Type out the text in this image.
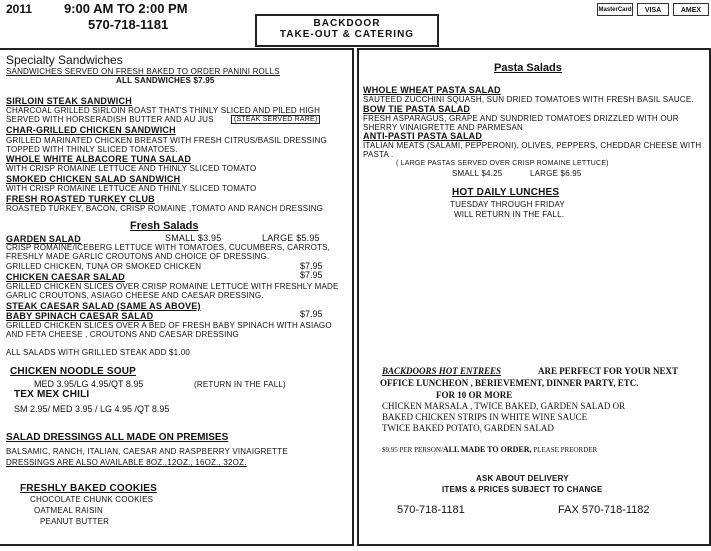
2011 9:00 AM TO 2:00 PM
570-718-1181	BACKDOOR
TAKE-OUT & CATERING
MasterCard	VISA	AMEX
Specialty Sandwiches
SANDWICHES SERVED ON FRESH BAKED TO ORDER PANINI ROLLS
ALL SANDWICHES $7.95
SIRLOIN STEAK SANDWICH
CHARCOAL GRILLED SIRLOIN ROAST THAT'S THINLY SLICED AND PILED HIGH
SERVED WITH HORSERADISH BUTTER AND AU JUS	(STEAK SERVED RARE)
CHAR-GRILLED CHICKEN SANDWICH
GRILLED MARINATED CHICKEN BREAST WITH FRESH CITRUS/BASIL DRESSING
TOPPED WITH THINLY SLICED TOMATOES.
WHOLE WHITE ALBACORE TUNA SALAD
WITH CRISP ROMAINE LETTUCE AND THINLY SLICED TOMATO
SMOKED CHICKEN SALAD SANDWICH
WITH CRISP ROMAINE LETTUCE AND THINLY SLICED TOMATO
FRESH ROASTED TURKEY CLUB
ROASTED TURKEY, BACON, CRISP ROMAINE ,TOMATO AND RANCH DRESSING
Fresh Salads
GARDEN SALAD	SMALL $3.95	LARGE $5.95
CRISP ROMAINE/ICEBERG LETTUCE WITH TOMATOES, CUCUMBERS, CARROTS,
FRESHLY MADE GARLIC CROUTONS AND CHOICE OF DRESSING.
GRILLED CHICKEN, TUNA OR SMOKED CHICKEN	$7.95
CHICKEN CAESAR SALAD	$7.95
GRILLED CHICKEN SLICES OVER CRISP ROMAINE LETTUCE WITH FRESHLY MADE
GARLIC CROUTONS, ASIAGO CHEESE AND CAESAR DRESSING.
STEAK CAESAR SALAD (SAME AS ABOVE)
BABY SPINACH CAESAR SALAD	$7.95
GRILLED CHICKEN SLICES OVER A BED OF FRESH BABY SPINACH WITH ASIAGO
AND FETA CHEESE , CROUTONS AND CAESAR DRESSING
ALL SALADS WITH GRILLED STEAK ADD $1.00
CHICKEN NOODLE SOUP
MED 3.95/LG 4.95/QT 8.95	(RETURN IN THE FALL)
TEX MEX CHILI
SM 2.95/ MED 3.95 / LG 4.95 /QT 8.95
SALAD DRESSINGS ALL MADE ON PREMISES
BALSAMIC, RANCH, ITALIAN, CAESAR AND RASPBERRY VINAIGRETTE
DRESSINGS ARE ALSO AVAILABLE 8OZ.,12OZ., 16OZ., 32OZ.
FRESHLY BAKED COOKIES
CHOCOLATE CHUNK COOKIES
OATMEAL RAISIN
PEANUT BUTTER
Pasta Salads
WHOLE WHEAT PASTA SALAD
SAUTEED ZUCCHINI SQUASH, SUN DRIED TOMATOES WITH FRESH BASIL SAUCE.
BOW TIE PASTA SALAD
FRESH ASPARAGUS, GRAPE AND SUNDRIED TOMATOES DRIZZLED WITH OUR
SHERRY VINAIGRETTE AND PARMESAN
ANTI-PASTI PASTA SALAD
ITALIAN MEATS (SALAMI, PEPPERONI), OLIVES, PEPPERS, CHEDDAR CHEESE WITH
PASTA .
( LARGE PASTAS SERVED OVER CRISP ROMAINE LETTUCE)
SMALL $4.25	LARGE $6.95
HOT DAILY LUNCHES
TUESDAY THROUGH FRIDAY
WILL RETURN IN THE FALL.
BACKDOORS HOT ENTREES	ARE PERFECT FOR YOUR NEXT
OFFICE LUNCHEON , BERIEVEMENT, DINNER PARTY, ETC.
FOR 10 OR MORE
CHICKEN MARSALA , TWICE BAKED, GARDEN SALAD OR
BAKED CHICKEN STRIPS IN WHITE WINE SAUCE
TWICE BAKED POTATO, GARDEN SALAD
$9.95 PER PERSON/ALL MADE TO ORDER, PLEASE PREORDER
ASK ABOUT DELIVERY
ITEMS & PRICES SUBJECT TO CHANGE
570-718-1181	FAX 570-718-1182
